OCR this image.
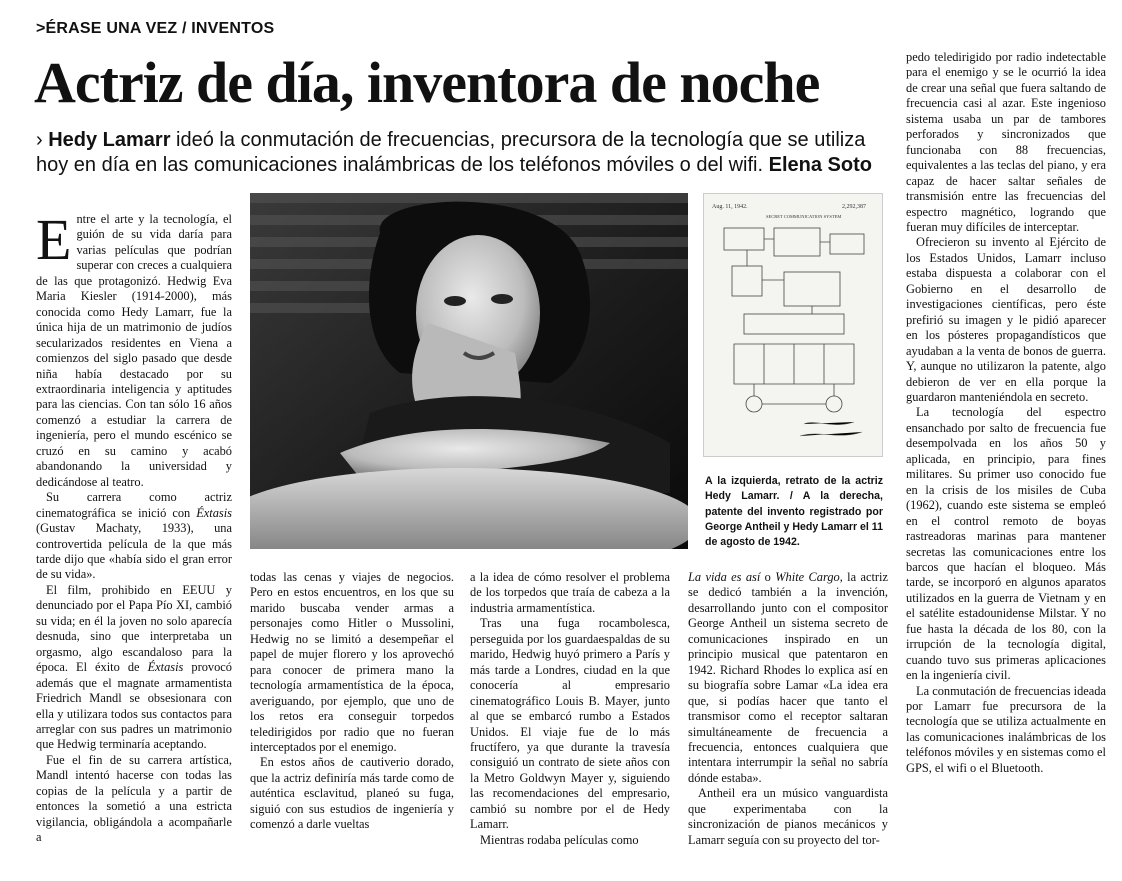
>ÉRASE UNA VEZ / INVENTOS
Actriz de día, inventora de noche
› Hedy Lamarr ideó la conmutación de frecuencias, precursora de la tecnología que se utiliza hoy en día en las comunicaciones inalámbricas de los teléfonos móviles o del wifi. Elena Soto

Entre el arte y la tecnología, el guión de su vida daría para varias películas que podrían superar con creces a cualquiera de las que protagonizó. Hedwig Eva Maria Kiesler (1914-2000), más conocida como Hedy Lamarr, fue la única hija de un matrimonio de judíos secularizados residentes en Viena a comienzos del siglo pasado que desde niña había destacado por su extraordinaria inteligencia y aptitudes para las ciencias. Con tan sólo 16 años comenzó a estudiar la carrera de ingeniería, pero el mundo escénico se cruzó en su camino y acabó abandonando la universidad y dedicándose al teatro.

Su carrera como actriz cinematográfica se inició con Éxtasis (Gustav Machaty, 1933), una controvertida película de la que más tarde dijo que «había sido el gran error de su vida».

El film, prohibido en EEUU y denunciado por el Papa Pío XI, cambió su vida; en él la joven no solo aparecía desnuda, sino que interpretaba un orgasmo, algo escandaloso para la época. El éxito de Éxtasis provocó además que el magnate armamentista Friedrich Mandl se obsesionara con ella y utilizara todos sus contactos para arreglar con sus padres un matrimonio que Hedwig terminaría aceptando.

Fue el fin de su carrera artística, Mandl intentó hacerse con todas las copias de la película y a partir de entonces la sometió a una estricta vigilancia, obligándola a acompañarle a

Aug. 11, 1942.	2,292,387
SECRET COMMUNICATION SYSTEM
A la izquierda, retrato de la actriz Hedy Lamarr. / A la derecha, patente del invento registrado por George Antheil y Hedy Lamarr el 11 de agosto de 1942.

todas las cenas y viajes de negocios. Pero en estos encuentros, en los que su marido buscaba vender armas a personajes como Hitler o Mussolini, Hedwig no se limitó a desempeñar el papel de mujer florero y los aprovechó para conocer de primera mano la tecnología armamentística de la época, averiguando, por ejemplo, que uno de los retos era conseguir torpedos teledirigidos por radio que no fueran interceptados por el enemigo.

En estos años de cautiverio dorado, que la actriz definiría más tarde como de auténtica esclavitud, planeó su fuga, siguió con sus estudios de ingeniería y comenzó a darle vueltas

a la idea de cómo resolver el problema de los torpedos que traía de cabeza a la industria armamentística.

Tras una fuga rocambolesca, perseguida por los guardaespaldas de su marido, Hedwig huyó primero a París y más tarde a Londres, ciudad en la que conocería al empresario cinematográfico Louis B. Mayer, junto al que se embarcó rumbo a Estados Unidos. El viaje fue de lo más fructífero, ya que durante la travesía consiguió un contrato de siete años con la Metro Goldwyn Mayer y, siguiendo las recomendaciones del empresario, cambió su nombre por el de Hedy Lamarr.

Mientras rodaba películas como

La vida es así o White Cargo, la actriz se dedicó también a la invención, desarrollando junto con el compositor George Antheil un sistema secreto de comunicaciones inspirado en un principio musical que patentaron en 1942. Richard Rhodes lo explica así en su biografía sobre Lamar «La idea era que, si podías hacer que tanto el transmisor como el receptor saltaran simultáneamente de frecuencia a frecuencia, entonces cualquiera que intentara interrumpir la señal no sabría dónde estaba».

Antheil era un músico vanguardista que experimentaba con la sincronización de pianos mecánicos y Lamarr seguía con su proyecto del tor-

pedo teledirigido por radio indetectable para el enemigo y se le ocurrió la idea de crear una señal que fuera saltando de frecuencia casi al azar. Este ingenioso sistema usaba un par de tambores perforados y sincronizados que funcionaba con 88 frecuencias, equivalentes a las teclas del piano, y era capaz de hacer saltar señales de transmisión entre las frecuencias del espectro magnético, logrando que fueran muy difíciles de interceptar.

Ofrecieron su invento al Ejército de los Estados Unidos, Lamarr incluso estaba dispuesta a colaborar con el Gobierno en el desarrollo de investigaciones científicas, pero éste prefirió su imagen y le pidió aparecer en los pósteres propagandísticos que ayudaban a la venta de bonos de guerra. Y, aunque no utilizaron la patente, algo debieron de ver en ella porque la guardaron manteniéndola en secreto.

La tecnología del espectro ensanchado por salto de frecuencia fue desempolvada en los años 50 y aplicada, en principio, para fines militares. Su primer uso conocido fue en la crisis de los misiles de Cuba (1962), cuando este sistema se empleó en el control remoto de boyas rastreadoras marinas para mantener secretas las comunicaciones entre los barcos que hacían el bloqueo. Más tarde, se incorporó en algunos aparatos utilizados en la guerra de Vietnam y en el satélite estadounidense Milstar. Y no fue hasta la década de los 80, con la irrupción de la tecnología digital, cuando tuvo sus primeras aplicaciones en la ingeniería civil.

La conmutación de frecuencias ideada por Lamarr fue precursora de la tecnología que se utiliza actualmente en las comunicaciones inalámbricas de los teléfonos móviles y en sistemas como el GPS, el wifi o el Bluetooth.
